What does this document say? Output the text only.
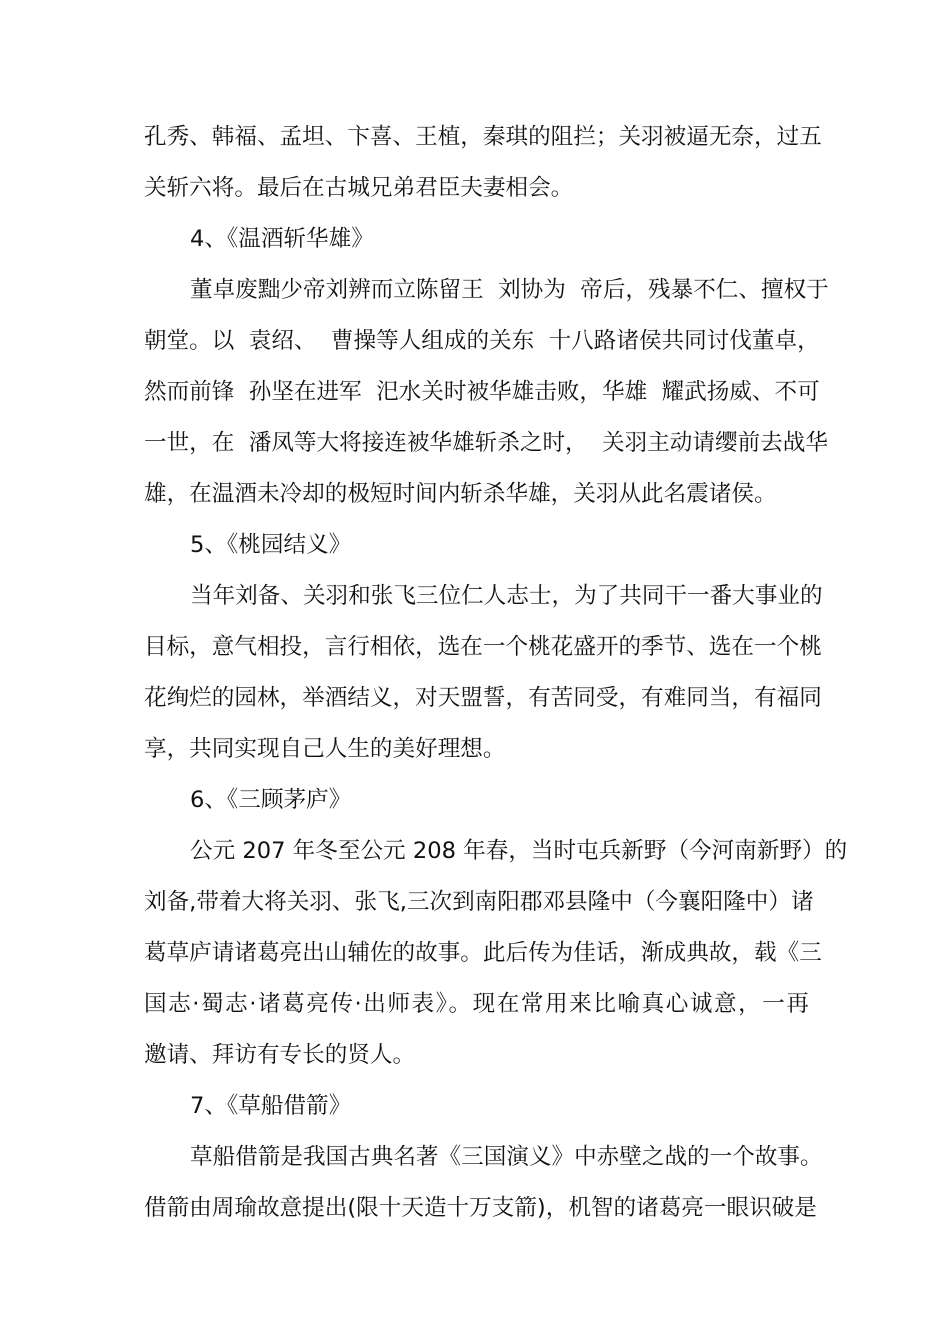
孔秀、韩福、孟坦、卞喜、王植，秦琪的阻拦；关羽被逼无奈，过五

关斩六将。最后在古城兄弟君臣夫妻相会。

4、《温酒斩华雄》

董卓废黜少帝刘辨而立陈留王  刘协为  帝后，残暴不仁、擅权于

朝堂。以  袁绍、  曹操等人组成的关东  十八路诸侯共同讨伐董卓，

然而前锋  孙坚在进军  汜水关时被华雄击败，华雄  耀武扬威、不可

一世，在  潘凤等大将接连被华雄斩杀之时，  关羽主动请缨前去战华

雄，在温酒未冷却的极短时间内斩杀华雄，关羽从此名震诸侯。

5、《桃园结义》

当年刘备、关羽和张飞三位仁人志士，为了共同干一番大事业的

目标，意气相投，言行相依，选在一个桃花盛开的季节、选在一个桃

花绚烂的园林，举酒结义，对天盟誓，有苦同受，有难同当，有福同

享，共同实现自己人生的美好理想。

6、《三顾茅庐》

公元 207 年冬至公元 208 年春，当时屯兵新野（今河南新野）的

刘备,带着大将关羽、张飞,三次到南阳郡邓县隆中（今襄阳隆中）诸

葛草庐请诸葛亮出山辅佐的故事。此后传为佳话，渐成典故，载《三

国志·蜀志·诸葛亮传·出师表》。现在常用来比喻真心诚意，一再

邀请、拜访有专长的贤人。

7、《草船借箭》

草船借箭是我国古典名著《三国演义》中赤壁之战的一个故事。

借箭由周瑜故意提出(限十天造十万支箭)，机智的诸葛亮一眼识破是
